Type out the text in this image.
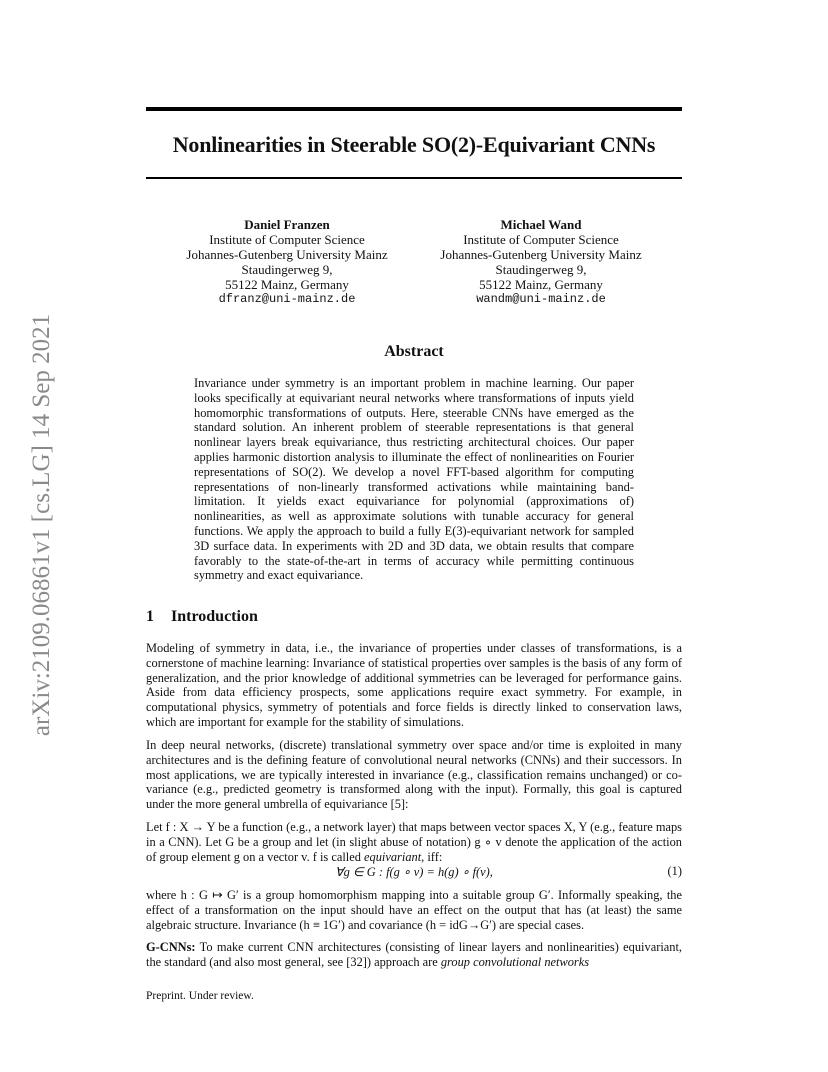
arXiv:2109.06861v1 [cs.LG] 14 Sep 2021
Nonlinearities in Steerable SO(2)-Equivariant CNNs
Daniel Franzen
Institute of Computer Science
Johannes-Gutenberg University Mainz
Staudingerweg 9,
55122 Mainz, Germany
dfranz@uni-mainz.de
Michael Wand
Institute of Computer Science
Johannes-Gutenberg University Mainz
Staudingerweg 9,
55122 Mainz, Germany
wandm@uni-mainz.de
Abstract
Invariance under symmetry is an important problem in machine learning. Our paper looks specifically at equivariant neural networks where transformations of inputs yield homomorphic transformations of outputs. Here, steerable CNNs have emerged as the standard solution. An inherent problem of steerable representations is that general nonlinear layers break equivariance, thus restricting architectural choices. Our paper applies harmonic distortion analysis to illuminate the effect of nonlinearities on Fourier representations of SO(2). We develop a novel FFT-based algorithm for computing representations of non-linearly transformed activations while maintaining band-limitation. It yields exact equivariance for polynomial (approximations of) nonlinearities, as well as approximate solutions with tunable accuracy for general functions. We apply the approach to build a fully E(3)-equivariant network for sampled 3D surface data. In experiments with 2D and 3D data, we obtain results that compare favorably to the state-of-the-art in terms of accuracy while permitting continuous symmetry and exact equivariance.
1 Introduction
Modeling of symmetry in data, i.e., the invariance of properties under classes of transformations, is a cornerstone of machine learning: Invariance of statistical properties over samples is the basis of any form of generalization, and the prior knowledge of additional symmetries can be leveraged for performance gains. Aside from data efficiency prospects, some applications require exact symmetry. For example, in computational physics, symmetry of potentials and force fields is directly linked to conservation laws, which are important for example for the stability of simulations.
In deep neural networks, (discrete) translational symmetry over space and/or time is exploited in many architectures and is the defining feature of convolutional neural networks (CNNs) and their successors. In most applications, we are typically interested in invariance (e.g., classification remains unchanged) or co-variance (e.g., predicted geometry is transformed along with the input). Formally, this goal is captured under the more general umbrella of equivariance [5]:
Let f : X → Y be a function (e.g., a network layer) that maps between vector spaces X, Y (e.g., feature maps in a CNN). Let G be a group and let (in slight abuse of notation) g ∘ v denote the application of the action of group element g on a vector v. f is called equivariant, iff:
∀g ∈ G : f(g ∘ v) = h(g) ∘ f(v),	(1)
where h : G ↦ G′ is a group homomorphism mapping into a suitable group G′. Informally speaking, the effect of a transformation on the input should have an effect on the output that has (at least) the same algebraic structure. Invariance (h ≡ 1G′) and covariance (h = idG→G′) are special cases.
G-CNNs: To make current CNN architectures (consisting of linear layers and nonlinearities) equivariant, the standard (and also most general, see [32]) approach are group convolutional networks
Preprint. Under review.
